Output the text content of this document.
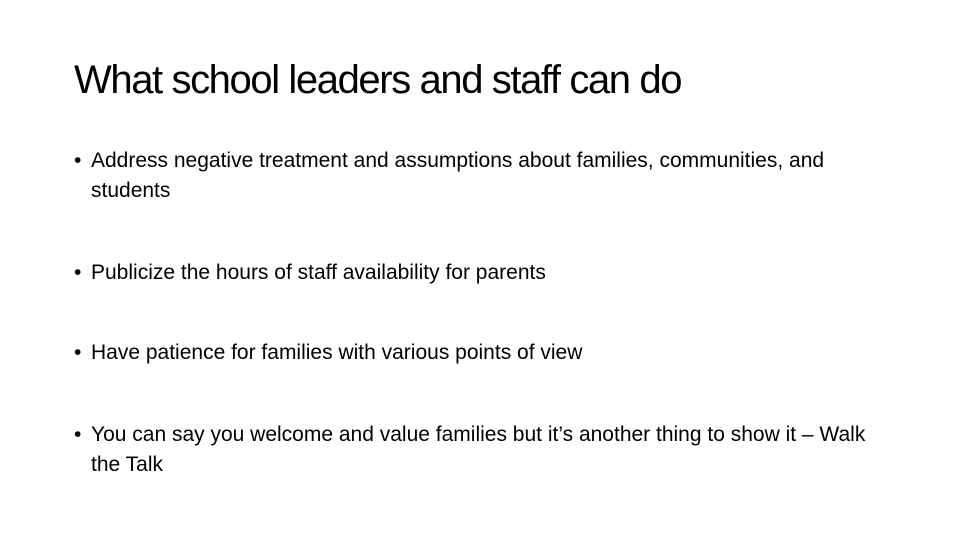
What school leaders and staff can do
• Address negative treatment and assumptions about families, communities, and students
• Publicize the hours of staff availability for parents
• Have patience for families with various points of view
• You can say you welcome and value families but it’s another thing to show it – Walk the Talk
